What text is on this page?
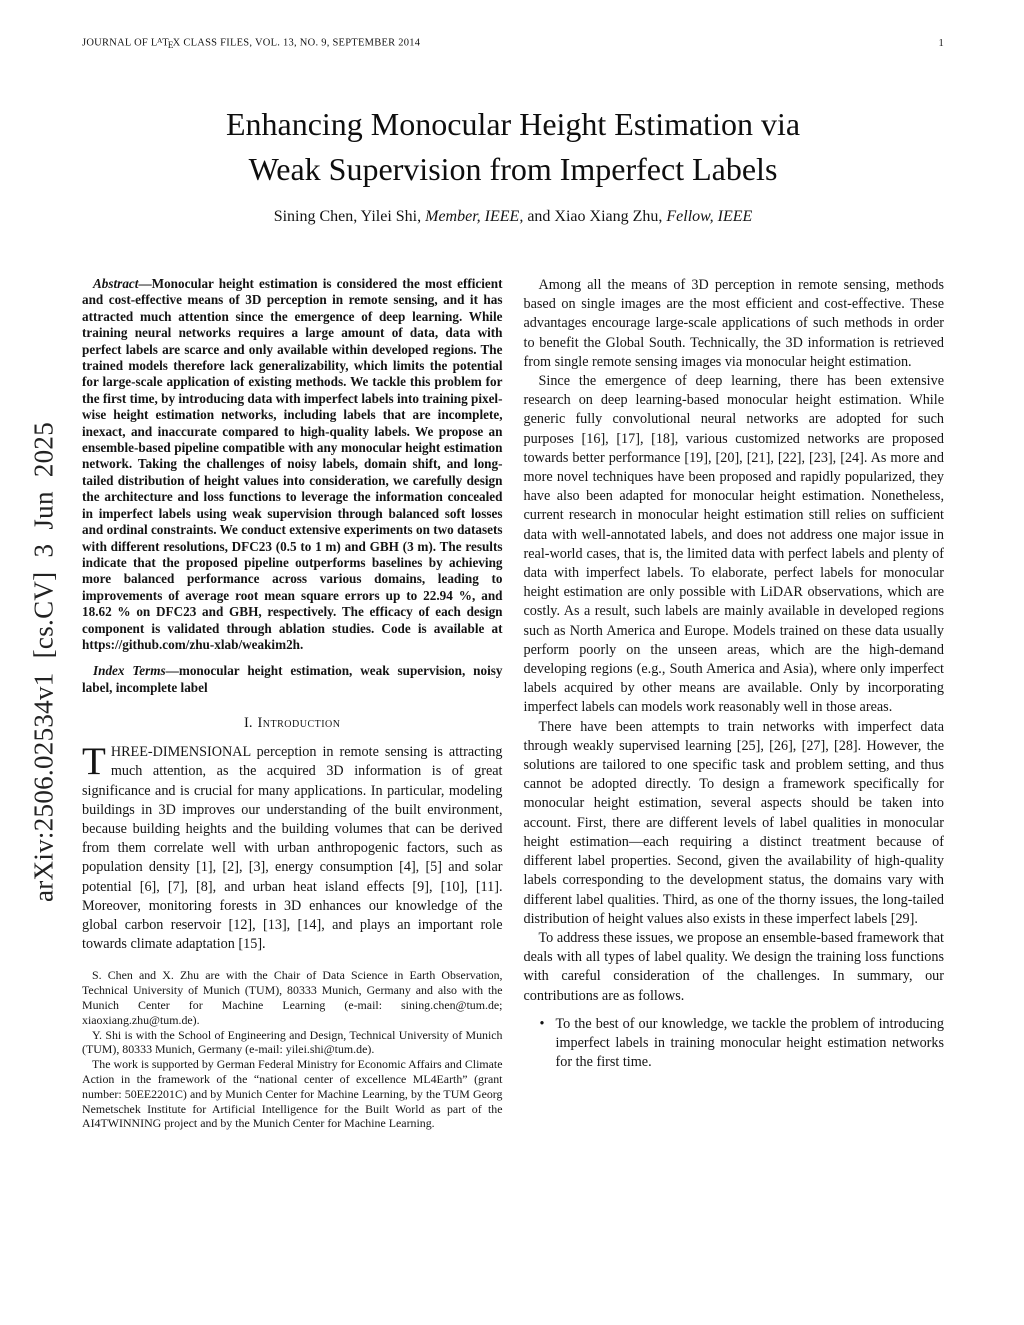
arXiv:2506.02534v1 [cs.CV] 3 Jun 2025
JOURNAL OF $L^ATEX$ CLASS FILES, VOL. 13, NO. 9, SEPTEMBER 2014	1
Enhancing Monocular Height Estimation via
Weak Supervision from Imperfect Labels
Sining Chen, Yilei Shi, Member, IEEE, and Xiao Xiang Zhu, Fellow, IEEE

Abstract—Monocular height estimation is considered the most efficient and cost-effective means of 3D perception in remote sensing, and it has attracted much attention since the emergence of deep learning. While training neural networks requires a large amount of data, data with perfect labels are scarce and only available within developed regions. The trained models therefore lack generalizability, which limits the potential for large-scale application of existing methods. We tackle this problem for the first time, by introducing data with imperfect labels into training pixel-wise height estimation networks, including labels that are incomplete, inexact, and inaccurate compared to high-quality labels. We propose an ensemble-based pipeline compatible with any monocular height estimation network. Taking the challenges of noisy labels, domain shift, and long-tailed distribution of height values into consideration, we carefully design the architecture and loss functions to leverage the information concealed in imperfect labels using weak supervision through balanced soft losses and ordinal constraints. We conduct extensive experiments on two datasets with different resolutions, DFC23 (0.5 to 1 m) and GBH (3 m). The results indicate that the proposed pipeline outperforms baselines by achieving more balanced performance across various domains, leading to improvements of average root mean square errors up to 22.94 %, and 18.62 % on DFC23 and GBH, respectively. The efficacy of each design component is validated through ablation studies. Code is available at https://github.com/zhu-xlab/weakim2h.

Index Terms—monocular height estimation, weak supervision, noisy label, incomplete label

I. Introduction

THREE-DIMENSIONAL perception in remote sensing is attracting much attention, as the acquired 3D information is of great significance and is crucial for many applications. In particular, modeling buildings in 3D improves our understanding of the built environment, because building heights and the building volumes that can be derived from them correlate well with urban anthropogenic factors, such as population density [1], [2], [3], energy consumption [4], [5] and solar potential [6], [7], [8], and urban heat island effects [9], [10], [11]. Moreover, monitoring forests in 3D enhances our knowledge of the global carbon reservoir [12], [13], [14], and plays an important role towards climate adaptation [15].

S. Chen and X. Zhu are with the Chair of Data Science in Earth Observation, Technical University of Munich (TUM), 80333 Munich, Germany and also with the Munich Center for Machine Learning (e-mail: sining.chen@tum.de; xiaoxiang.zhu@tum.de).

Y. Shi is with the School of Engineering and Design, Technical University of Munich (TUM), 80333 Munich, Germany (e-mail: yilei.shi@tum.de).

The work is supported by German Federal Ministry for Economic Affairs and Climate Action in the framework of the “national center of excellence ML4Earth” (grant number: 50EE2201C) and by Munich Center for Machine Learning, by the TUM Georg Nemetschek Institute for Artificial Intelligence for the Built World as part of the AI4TWINNING project and by the Munich Center for Machine Learning.

Among all the means of 3D perception in remote sensing, methods based on single images are the most efficient and cost-effective. These advantages encourage large-scale applications of such methods in order to benefit the Global South. Technically, the 3D information is retrieved from single remote sensing images via monocular height estimation.

Since the emergence of deep learning, there has been extensive research on deep learning-based monocular height estimation. While generic fully convolutional neural networks are adopted for such purposes [16], [17], [18], various customized networks are proposed towards better performance [19], [20], [21], [22], [23], [24]. As more and more novel techniques have been proposed and rapidly popularized, they have also been adapted for monocular height estimation. Nonetheless, current research in monocular height estimation still relies on sufficient data with well-annotated labels, and does not address one major issue in real-world cases, that is, the limited data with perfect labels and plenty of data with imperfect labels. To elaborate, perfect labels for monocular height estimation are only possible with LiDAR observations, which are costly. As a result, such labels are mainly available in developed regions such as North America and Europe. Models trained on these data usually perform poorly on the unseen areas, which are the high-demand developing regions (e.g., South America and Asia), where only imperfect labels acquired by other means are available. Only by incorporating imperfect labels can models work reasonably well in those areas.

There have been attempts to train networks with imperfect data through weakly supervised learning [25], [26], [27], [28]. However, the solutions are tailored to one specific task and problem setting, and thus cannot be adopted directly. To design a framework specifically for monocular height estimation, several aspects should be taken into account. First, there are different levels of label qualities in monocular height estimation—each requiring a distinct treatment because of different label properties. Second, given the availability of high-quality labels corresponding to the development status, the domains vary with different label qualities. Third, as one of the thorny issues, the long-tailed distribution of height values also exists in these imperfect labels [29].

To address these issues, we propose an ensemble-based framework that deals with all types of label quality. We design the training loss functions with careful consideration of the challenges. In summary, our contributions are as follows.

• To the best of our knowledge, we tackle the problem of introducing imperfect labels in training monocular height estimation networks for the first time.
